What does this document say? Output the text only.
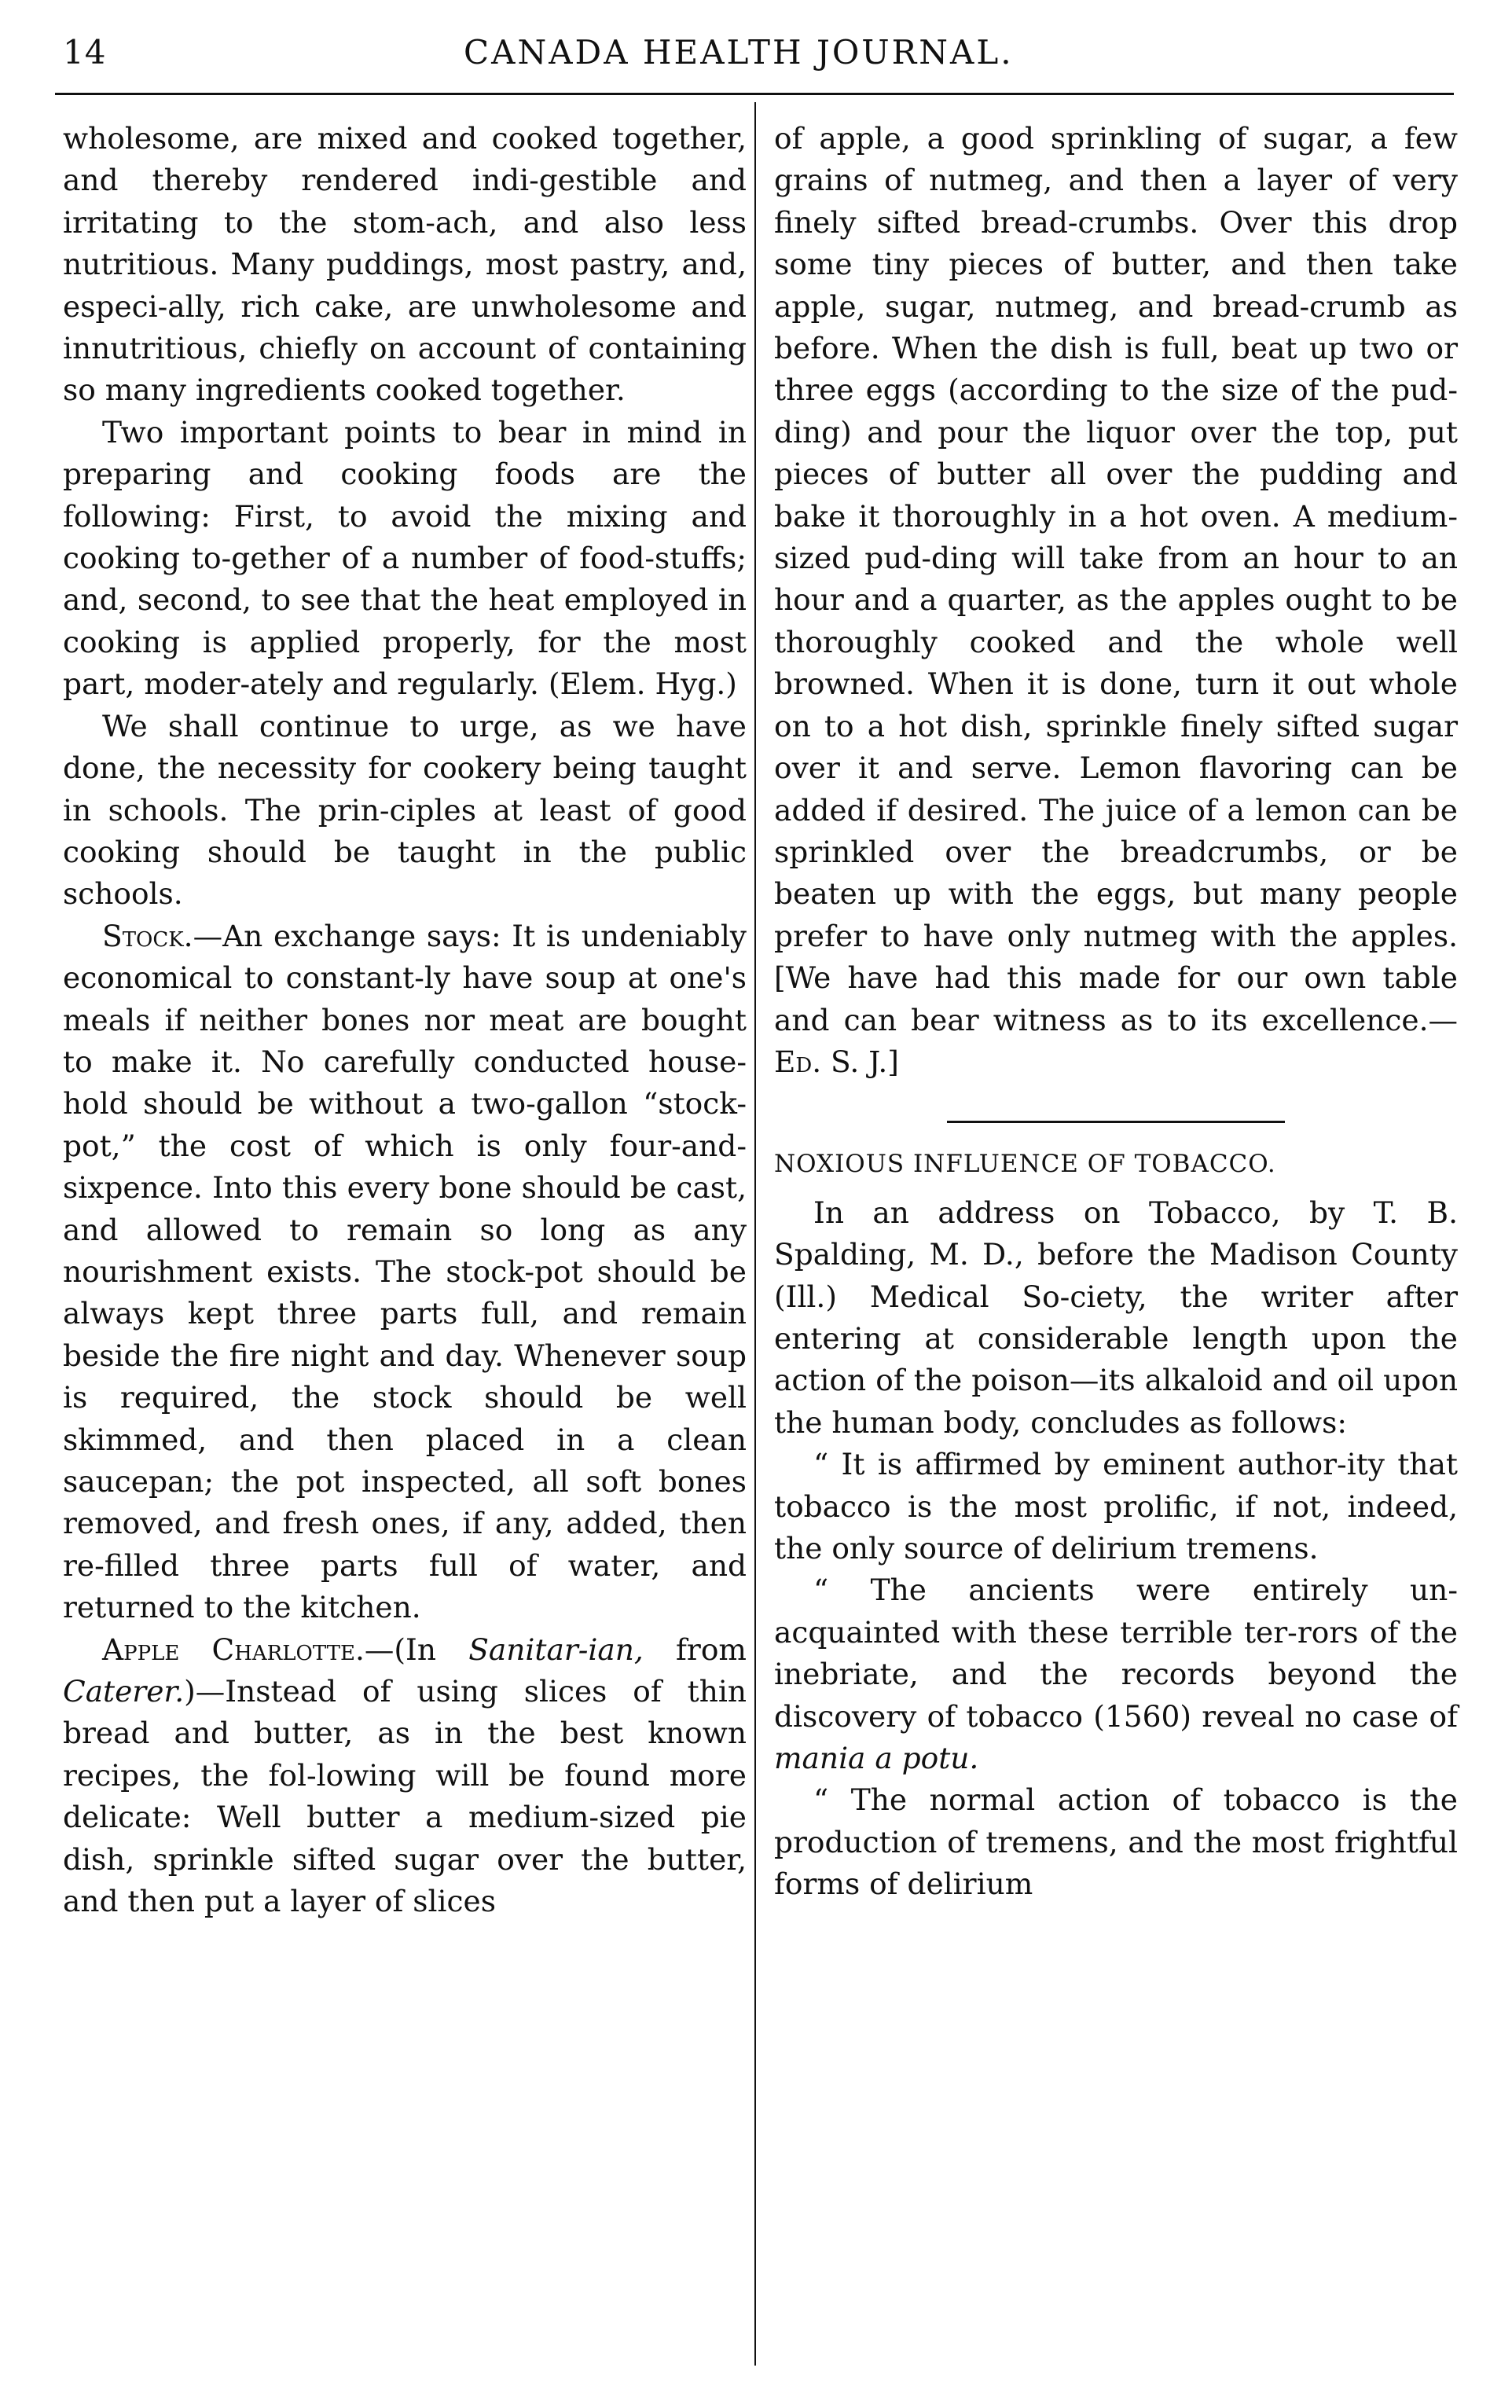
14	CANADA HEALTH JOURNAL.

wholesome, are mixed and cooked together, and thereby rendered indi-gestible and irritating to the stom-ach, and also less nutritious. Many puddings, most pastry, and, especi-ally, rich cake, are unwholesome and innutritious, chiefly on account of containing so many ingredients cooked together.

Two important points to bear in mind in preparing and cooking foods are the following: First, to avoid the mixing and cooking to-gether of a number of food-stuffs; and, second, to see that the heat employed in cooking is applied properly, for the most part, moder-ately and regularly. (Elem. Hyg.)

We shall continue to urge, as we have done, the necessity for cookery being taught in schools. The prin-ciples at least of good cooking should be taught in the public schools.

Stock.—An exchange says: It is undeniably economical to constant-ly have soup at one's meals if neither bones nor meat are bought to make it. No carefully conducted house-hold should be without a two-gallon “stock-pot,” the cost of which is only four-and-sixpence. Into this every bone should be cast, and allowed to remain so long as any nourishment exists. The stock-pot should be always kept three parts full, and remain beside the fire night and day. Whenever soup is required, the stock should be well skimmed, and then placed in a clean saucepan; the pot inspected, all soft bones removed, and fresh ones, if any, added, then re-filled three parts full of water, and returned to the kitchen.

Apple Charlotte.—(In Sanitar-ian, from Caterer.)—Instead of using slices of thin bread and butter, as in the best known recipes, the fol-lowing will be found more delicate: Well butter a medium-sized pie dish, sprinkle sifted sugar over the butter, and then put a layer of slices

of apple, a good sprinkling of sugar, a few grains of nutmeg, and then a layer of very finely sifted bread-crumbs. Over this drop some tiny pieces of butter, and then take apple, sugar, nutmeg, and bread-crumb as before. When the dish is full, beat up two or three eggs (according to the size of the pud-ding) and pour the liquor over the top, put pieces of butter all over the pudding and bake it thoroughly in a hot oven. A medium-sized pud-ding will take from an hour to an hour and a quarter, as the apples ought to be thoroughly cooked and the whole well browned. When it is done, turn it out whole on to a hot dish, sprinkle finely sifted sugar over it and serve. Lemon flavoring can be added if desired. The juice of a lemon can be sprinkled over the breadcrumbs, or be beaten up with the eggs, but many people prefer to have only nutmeg with the apples. [We have had this made for our own table and can bear witness as to its excellence.—Ed. S. J.]

NOXIOUS INFLUENCE OF TOBACCO.

In an address on Tobacco, by T. B. Spalding, M. D., before the Madison County (Ill.) Medical So-ciety, the writer after entering at considerable length upon the action of the poison—its alkaloid and oil upon the human body, concludes as follows:

“ It is affirmed by eminent author-ity that tobacco is the most prolific, if not, indeed, the only source of delirium tremens.

“ The ancients were entirely un-acquainted with these terrible ter-rors of the inebriate, and the records beyond the discovery of tobacco (1560) reveal no case of mania a potu.

“ The normal action of tobacco is the production of tremens, and the most frightful forms of delirium
